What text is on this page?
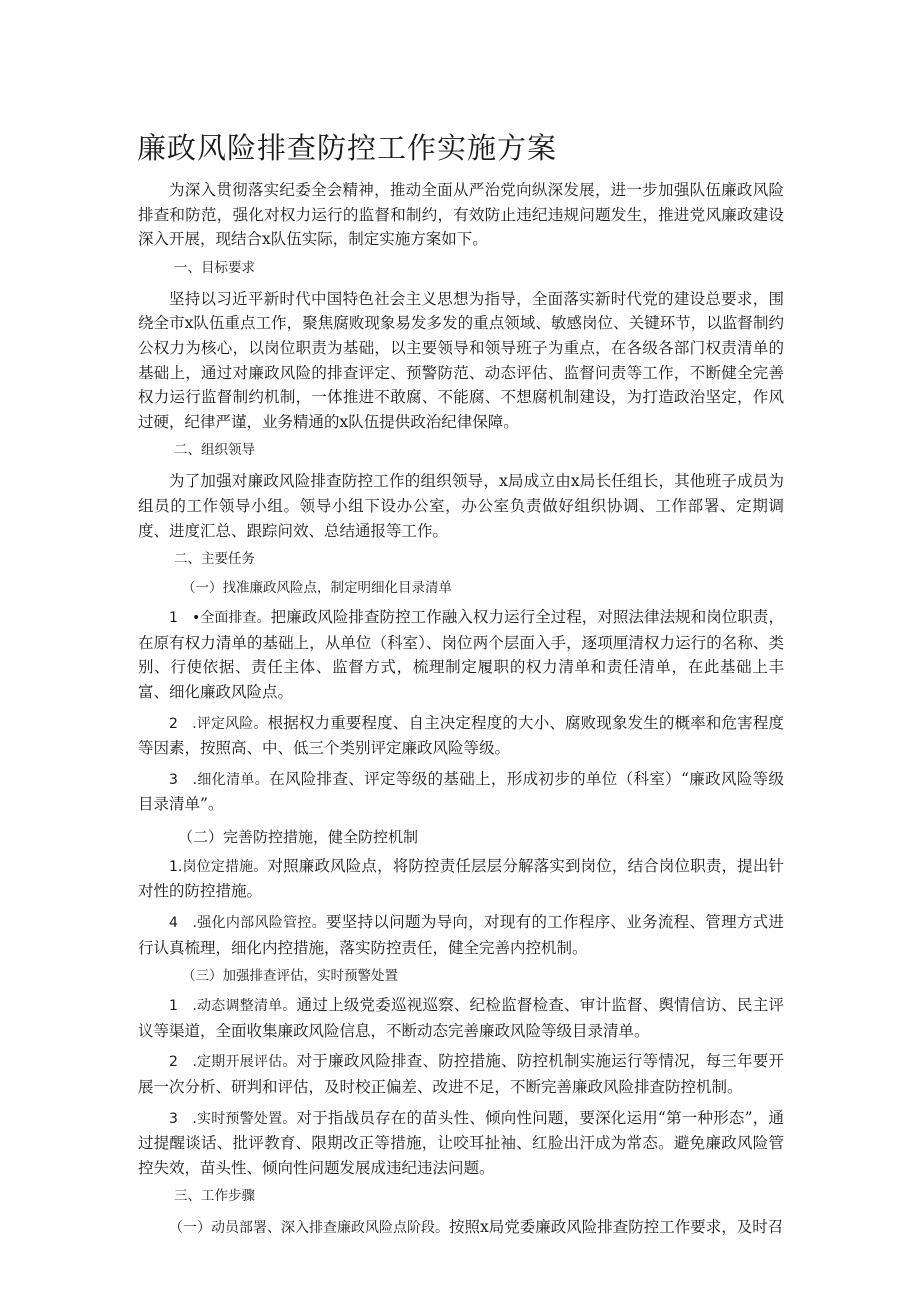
廉政风险排查防控工作实施方案

为深入贯彻落实纪委全会精神，推动全面从严治党向纵深发展，进一步加强队伍廉政风险排查和防范，强化对权力运行的监督和制约，有效防止违纪违规问题发生，推进党风廉政建设深入开展，现结合x队伍实际，制定实施方案如下。

一、目标要求

坚持以习近平新时代中国特色社会主义思想为指导，全面落实新时代党的建设总要求，围绕全市x队伍重点工作，聚焦腐败现象易发多发的重点领域、敏感岗位、关键环节，以监督制约公权力为核心，以岗位职责为基础，以主要领导和领导班子为重点，在各级各部门权责清单的基础上，通过对廉政风险的排查评定、预警防范、动态评估、监督问责等工作，不断健全完善权力运行监督制约机制，一体推进不敢腐、不能腐、不想腐机制建设，为打造政治坚定，作风过硬，纪律严谨，业务精通的x队伍提供政治纪律保障。

二、组织领导

为了加强对廉政风险排查防控工作的组织领导，x局成立由x局长任组长，其他班子成员为组员的工作领导小组。领导小组下设办公室，办公室负责做好组织协调、工作部署、定期调度、进度汇总、跟踪问效、总结通报等工作。

二、主要任务

（一）找准廉政风险点，制定明细化目录清单

1　•全面排查。把廉政风险排查防控工作融入权力运行全过程，对照法律法规和岗位职责，在原有权力清单的基础上，从单位（科室）、岗位两个层面入手，逐项厘清权力运行的名称、类别、行使依据、责任主体、监督方式，梳理制定履职的权力清单和责任清单，在此基础上丰富、细化廉政风险点。

2　.评定风险。根据权力重要程度、自主决定程度的大小、腐败现象发生的概率和危害程度等因素，按照高、中、低三个类别评定廉政风险等级。

3　.细化清单。在风险排查、评定等级的基础上，形成初步的单位（科室）“廉政风险等级目录清单”。

（二）完善防控措施，健全防控机制

1.岗位定措施。对照廉政风险点，将防控责任层层分解落实到岗位，结合岗位职责，提出针对性的防控措施。

4　.强化内部风险管控。要坚持以问题为导向，对现有的工作程序、业务流程、管理方式进行认真梳理，细化内控措施，落实防控责任，健全完善内控机制。

（三）加强排查评估，实时预警处置

1　.动态调整清单。通过上级党委巡视巡察、纪检监督检查、审计监督、舆情信访、民主评议等渠道，全面收集廉政风险信息，不断动态完善廉政风险等级目录清单。

2　.定期开展评估。对于廉政风险排查、防控措施、防控机制实施运行等情况，每三年要开展一次分析、研判和评估，及时校正偏差、改进不足，不断完善廉政风险排查防控机制。

3　.实时预警处置。对于指战员存在的苗头性、倾向性问题，要深化运用“第一种形态”，通过提醒谈话、批评教育、限期改正等措施，让咬耳扯袖、红脸出汗成为常态。避免廉政风险管控失效，苗头性、倾向性问题发展成违纪违法问题。

三、工作步骤

（一）动员部署、深入排查廉政风险点阶段。按照x局党委廉政风险排查防控工作要求，及时召
